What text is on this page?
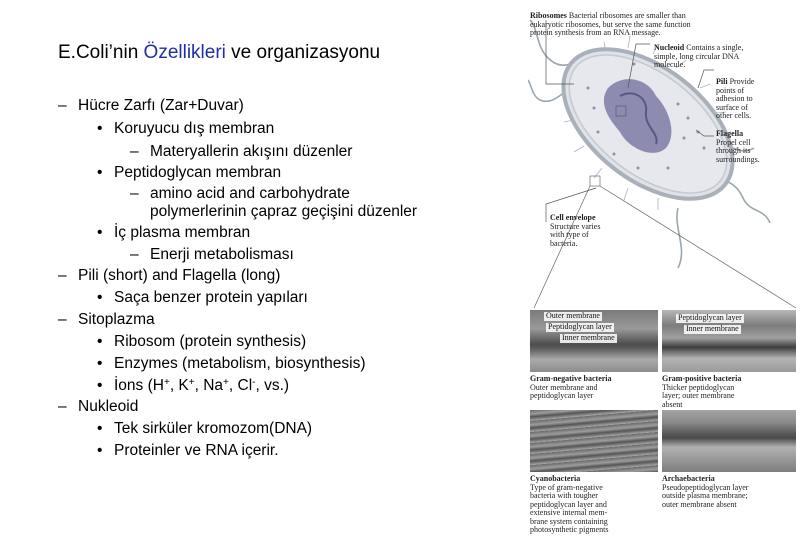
E.Coli’nin Özellikleri ve organizasyonu
– Hücre Zarfı (Zar+Duvar)
• Koruyucu dış membran
– Materyallerin akışını düzenler
• Peptidoglycan membran
– amino acid and carbohydrate
polymerlerinin çapraz geçişini düzenler
• İç plasma membran
– Enerji metabolisması
– Pili (short) and Flagella (long)
• Saça benzer protein yapıları
– Sitoplazma
• Ribosom (protein synthesis)
• Enzymes (metabolism, biosynthesis)
• İons (H+, K+, Na+, Cl-, vs.)
– Nukleoid
• Tek sirküler kromozom(DNA)
• Proteinler ve RNA içerir.
Ribosomes Bacterial ribosomes are smaller than
eukaryotic ribosomes, but serve the same function
protein synthesis from an RNA message.
Nucleoid Contains a single,
simple, long circular DNA
molecule.
Pili Provide
points of
adhesion to
surface of
other cells.
Flagella
Propel cell
through its
surroundings.
Cell envelope
Structure varies
with type of
bacteria.
Outer membrane
Peptidoglycan layer
Inner membrane
Gram-negative bacteria
Outer membrane and
peptidoglycan layer
Peptidoglycan layer
Inner membrane
Gram-positive bacteria
Thicker peptidoglycan
layer; outer membrane
absent
Cyanobacteria
Type of gram-negative
bacteria with tougher
peptidoglycan layer and
extensive internal mem-
brane system containing
photosynthetic pigments
Archaebacteria
Pseudopeptidoglycan layer
outside plasma membrane;
outer membrane absent
